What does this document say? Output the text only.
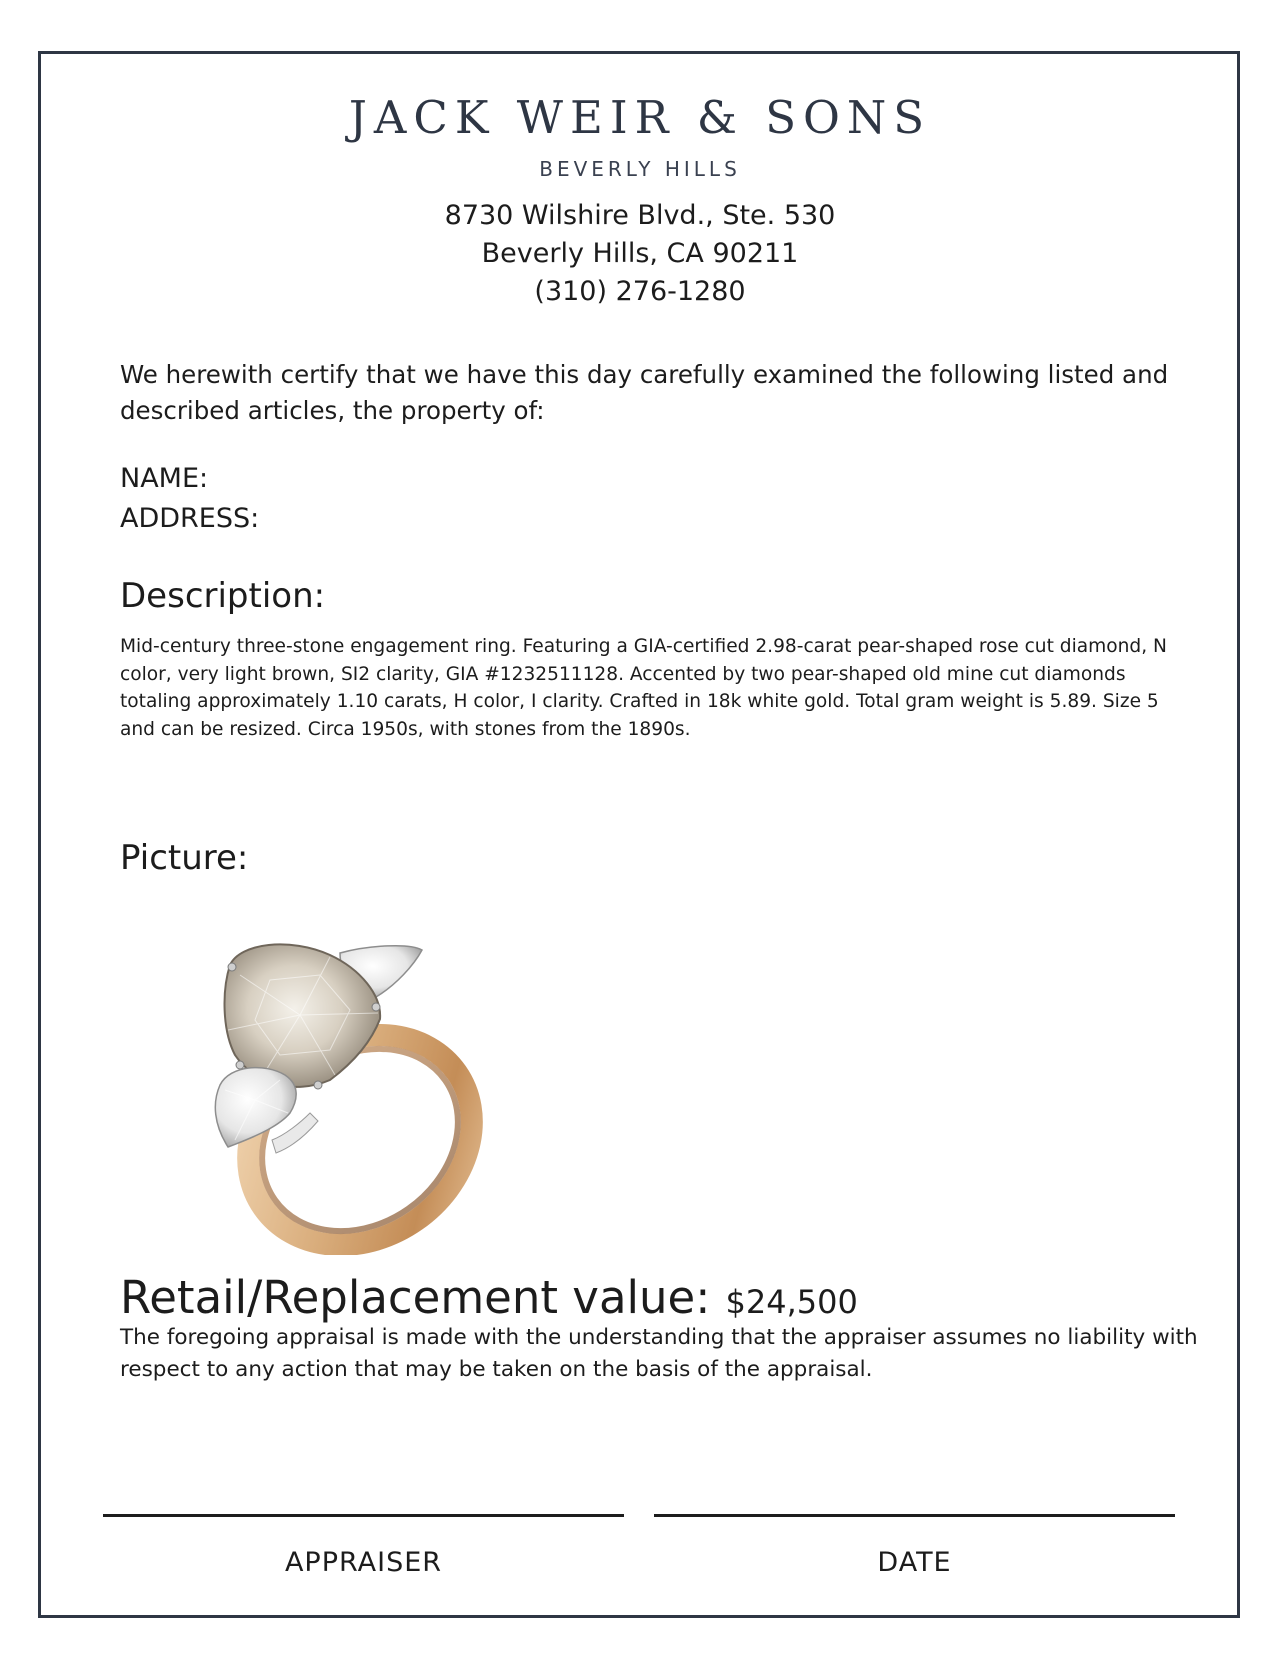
JACK WEIR & SONS
BEVERLY HILLS
8730 Wilshire Blvd., Ste. 530
Beverly Hills, CA 90211
(310) 276-1280
We herewith certify that we have this day carefully examined the following listed and described articles, the property of:
NAME:
ADDRESS:
Description:
Mid-century three-stone engagement ring. Featuring a GIA-certified 2.98-carat pear-shaped rose cut diamond, N color, very light brown, SI2 clarity, GIA #1232511128. Accented by two pear-shaped old mine cut diamonds totaling approximately 1.10 carats, H color, I clarity. Crafted in 18k white gold. Total gram weight is 5.89. Size 5 and can be resized. Circa 1950s, with stones from the 1890s.
Picture:
Retail/Replacement value: $24,500
The foregoing appraisal is made with the understanding that the appraiser assumes no liability with respect to any action that may be taken on the basis of the appraisal.
APPRAISER	DATE
